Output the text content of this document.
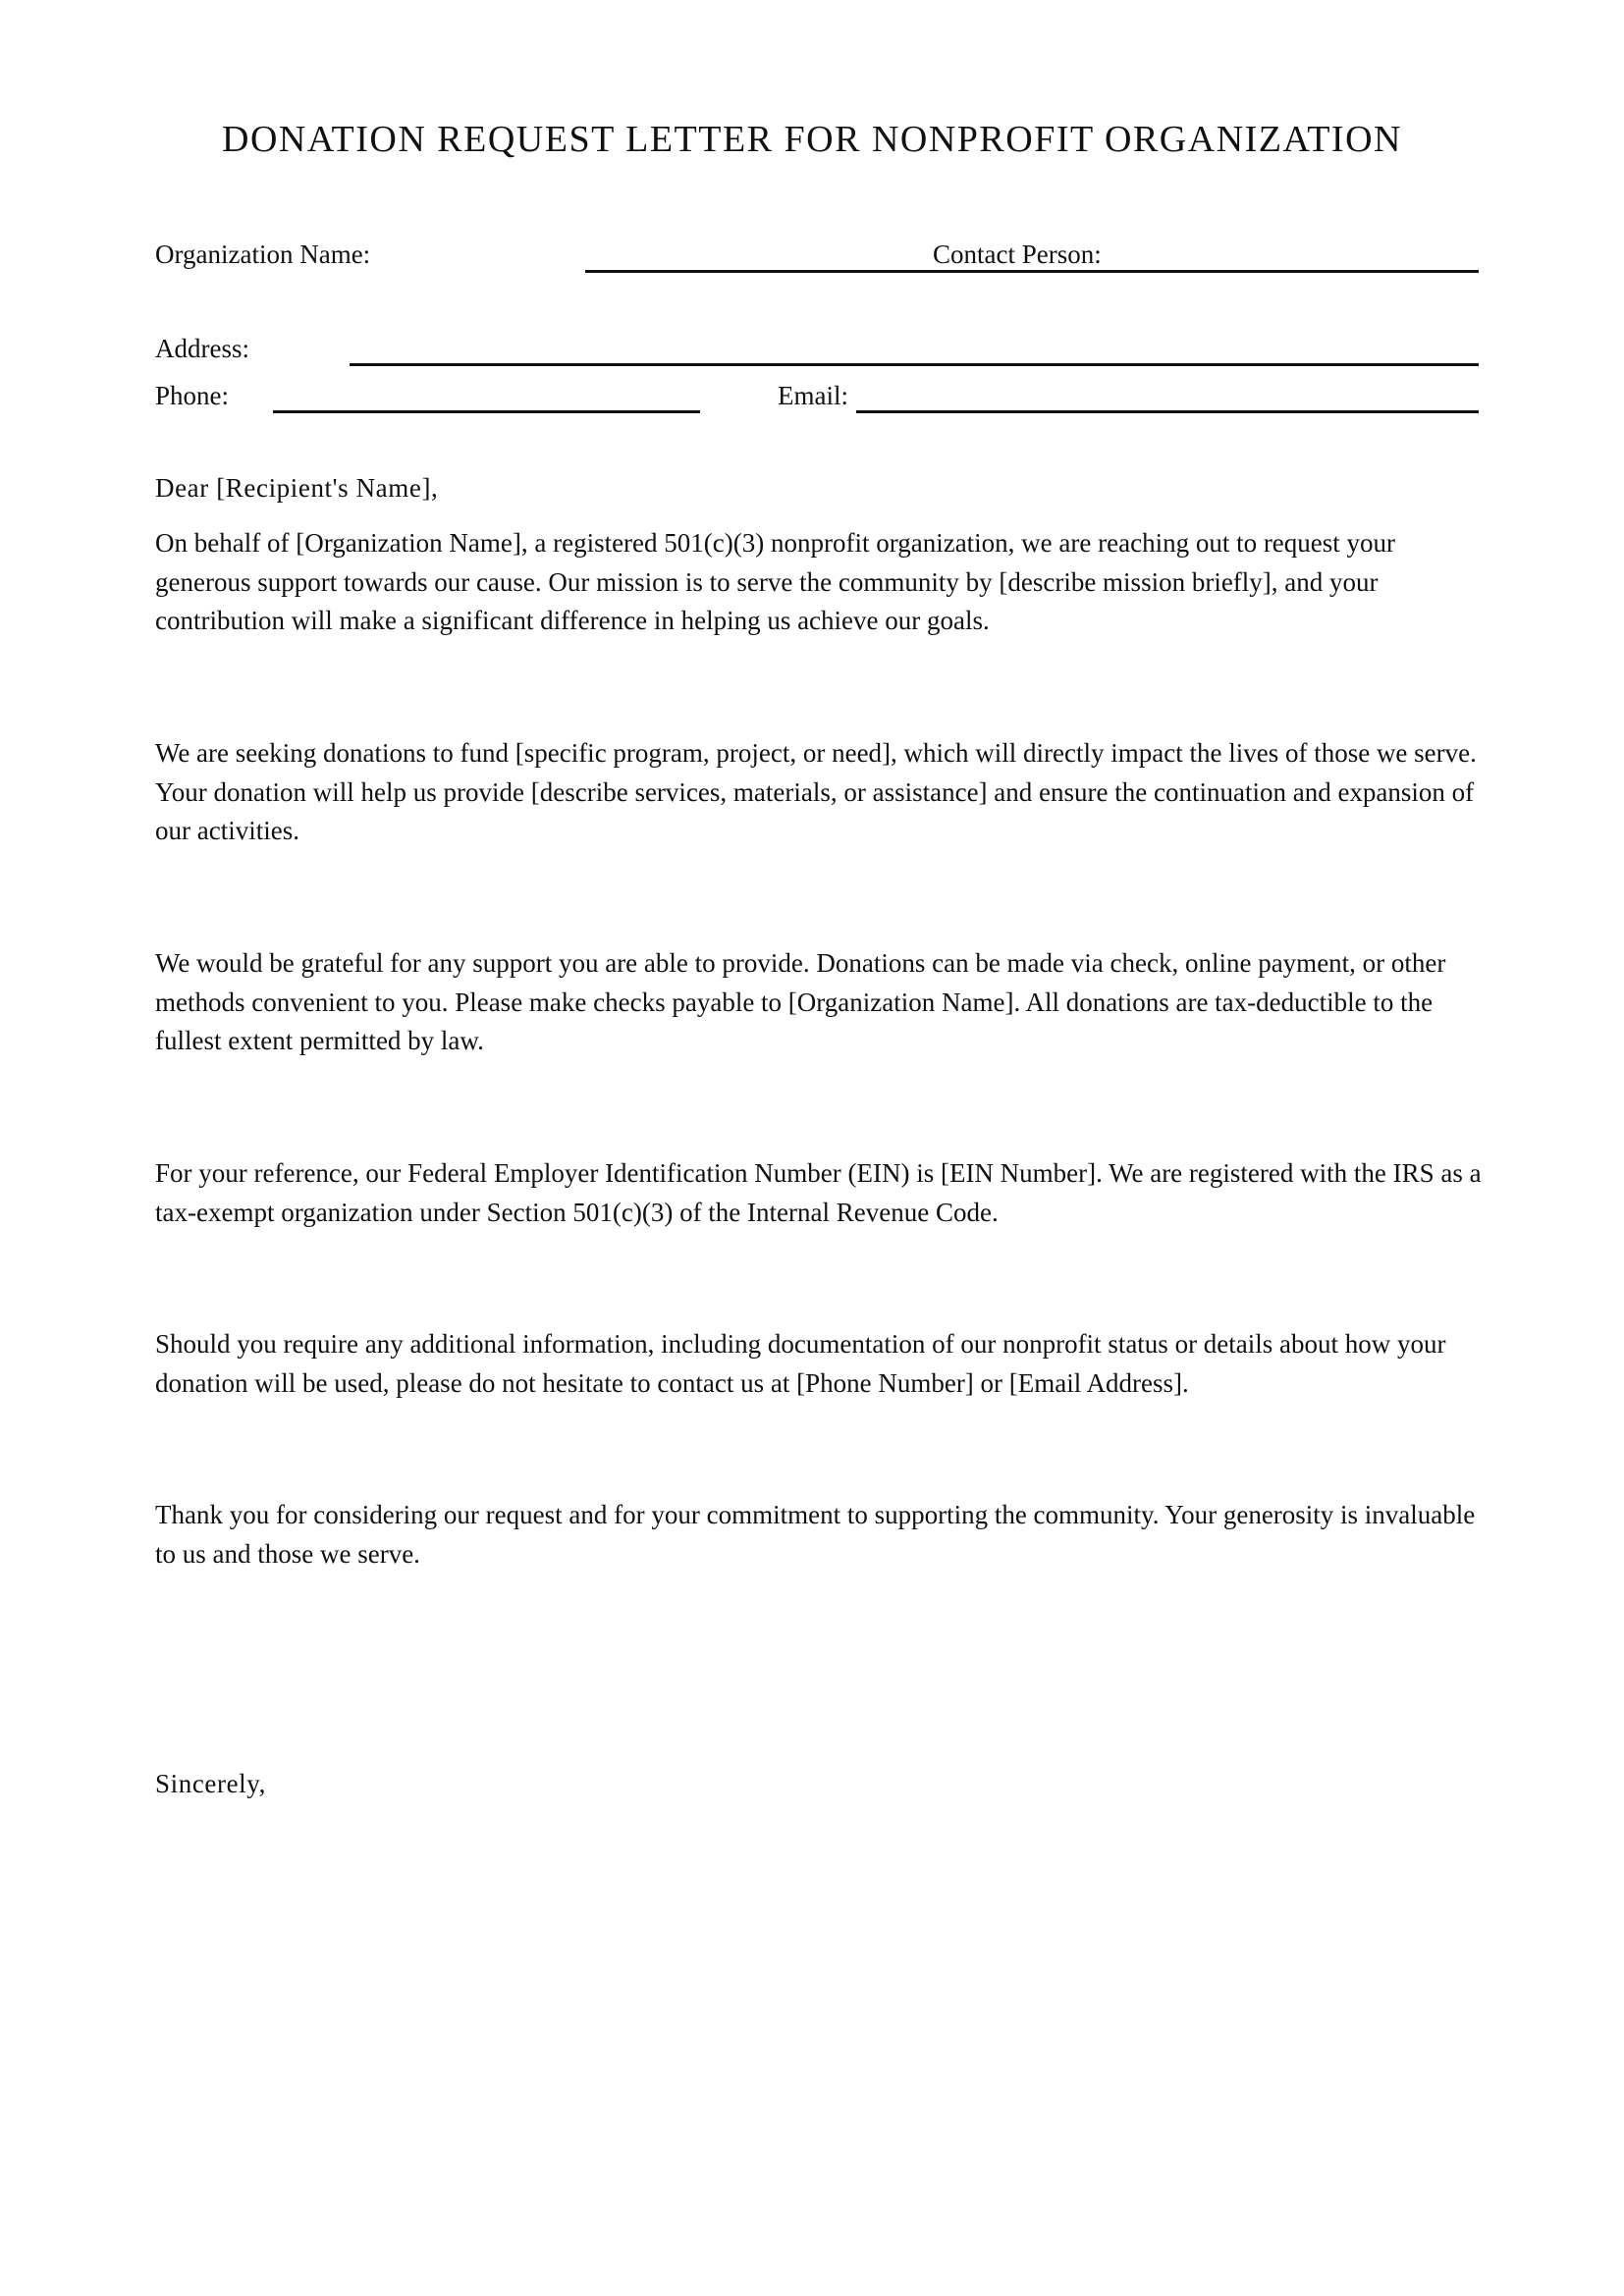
DONATION REQUEST LETTER FOR NONPROFIT ORGANIZATION
Organization Name:	Contact Person:
Address:
Phone:	Email:
Dear [Recipient's Name],
On behalf of [Organization Name], a registered 501(c)(3) nonprofit organization, we are reaching out to request your generous support towards our cause. Our mission is to serve the community by [describe mission briefly], and your contribution will make a significant difference in helping us achieve our goals.
We are seeking donations to fund [specific program, project, or need], which will directly impact the lives of those we serve. Your donation will help us provide [describe services, materials, or assistance] and ensure the continuation and expansion of our activities.
We would be grateful for any support you are able to provide. Donations can be made via check, online payment, or other methods convenient to you. Please make checks payable to [Organization Name]. All donations are tax-deductible to the fullest extent permitted by law.
For your reference, our Federal Employer Identification Number (EIN) is [EIN Number]. We are registered with the IRS as a tax-exempt organization under Section 501(c)(3) of the Internal Revenue Code.
Should you require any additional information, including documentation of our nonprofit status or details about how your donation will be used, please do not hesitate to contact us at [Phone Number] or [Email Address].
Thank you for considering our request and for your commitment to supporting the community. Your generosity is invaluable to us and those we serve.
Sincerely,
